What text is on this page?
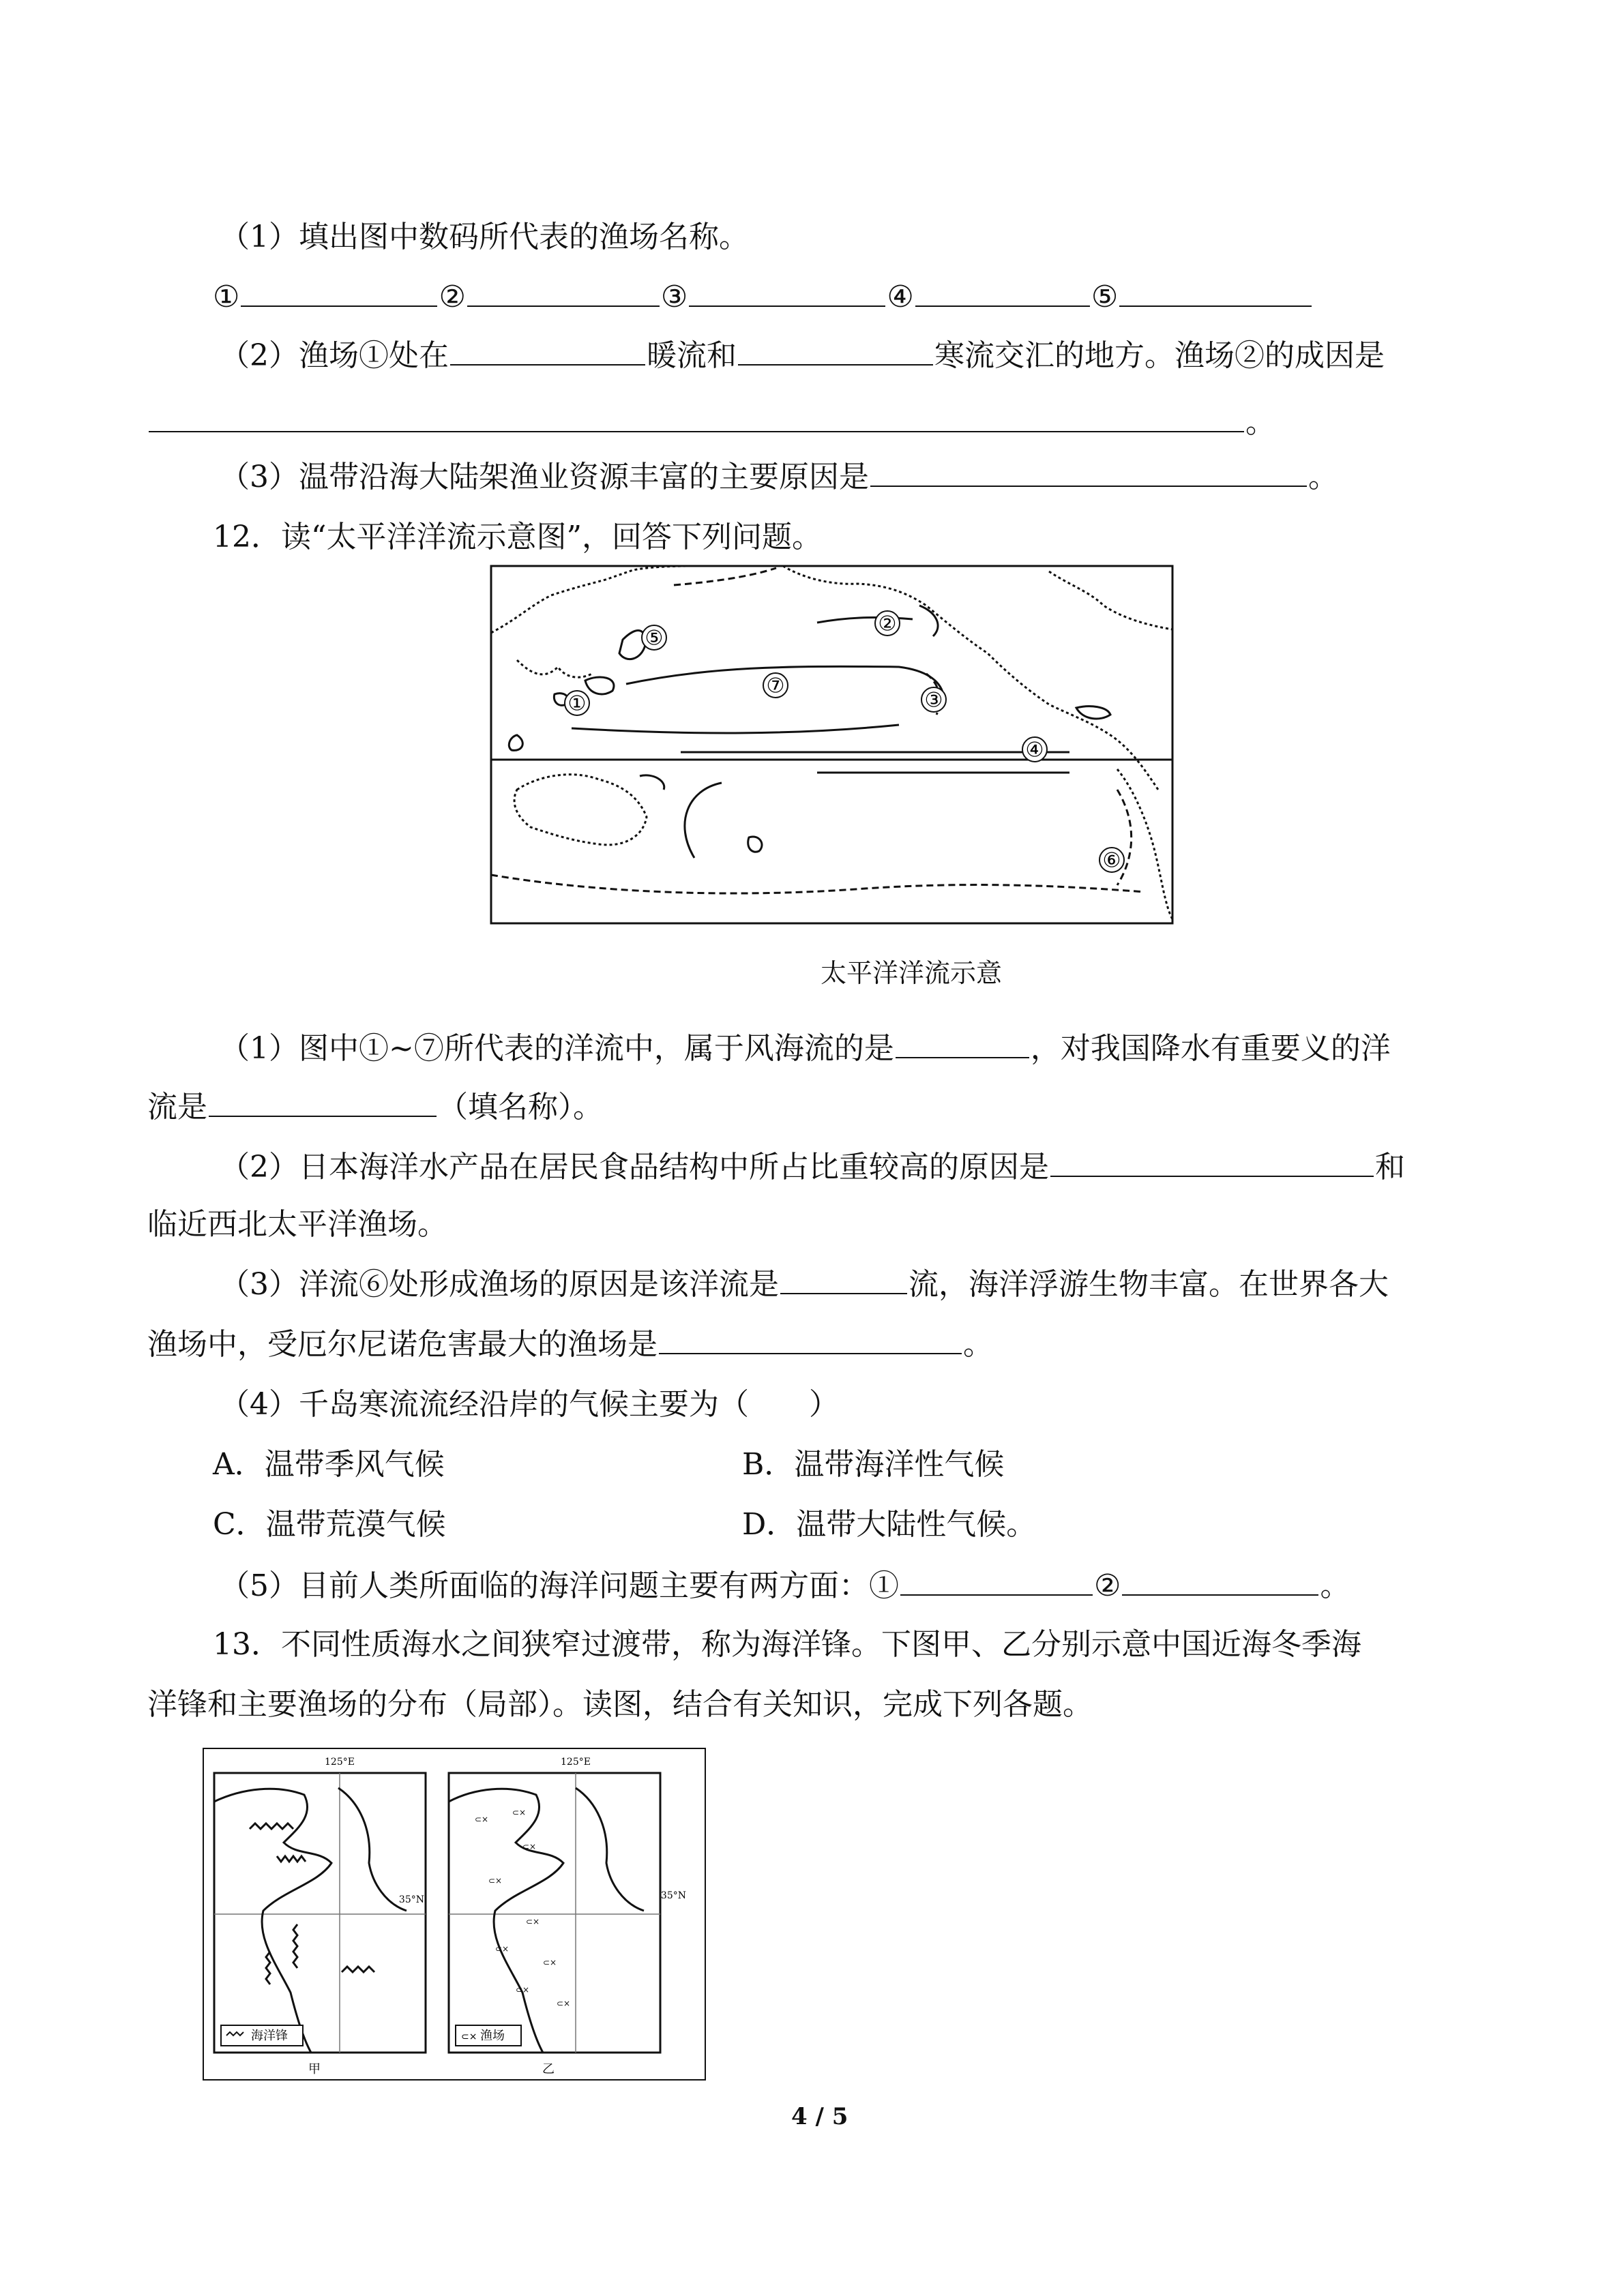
（1）填出图中数码所代表的渔场名称。
①	②	③	④	⑤
（2）渔场①处在	暖流和	寒流交汇的地方。渔场②的成因是
。
（3）温带沿海大陆架渔业资源丰富的主要原因是	。
12．读“太平洋洋流示意图”，回答下列问题。
①
②
③
④
⑤
⑥
⑦
太平洋洋流示意
（1）图中①~⑦所代表的洋流中，属于风海流的是	，对我国降水有重要义的洋
流是	（填名称）。
（2）日本海洋水产品在居民食品结构中所占比重较高的原因是	和
临近西北太平洋渔场。
（3）洋流⑥处形成渔场的原因是该洋流是	流，海洋浮游生物丰富。在世界各大
渔场中，受厄尔尼诺危害最大的渔场是	。
（4）千岛寒流流经沿岸的气候主要为（　　）
A．温带季风气候	B．温带海洋性气候
C．温带荒漠气候	D．温带大陆性气候。
（5）目前人类所面临的海洋问题主要有两方面：①	②	。
13．不同性质海水之间狭窄过渡带，称为海洋锋。下图甲、乙分别示意中国近海冬季海
洋锋和主要渔场的分布（局部）。读图，结合有关知识，完成下列各题。
125°E
35°N
海洋锋
甲
125°E
35°N
⊂×
⊂×
⊂×
⊂×
⊂×
⊂×
⊂×
⊂×
⊂×
⊂× 渔场
乙
4 / 5
